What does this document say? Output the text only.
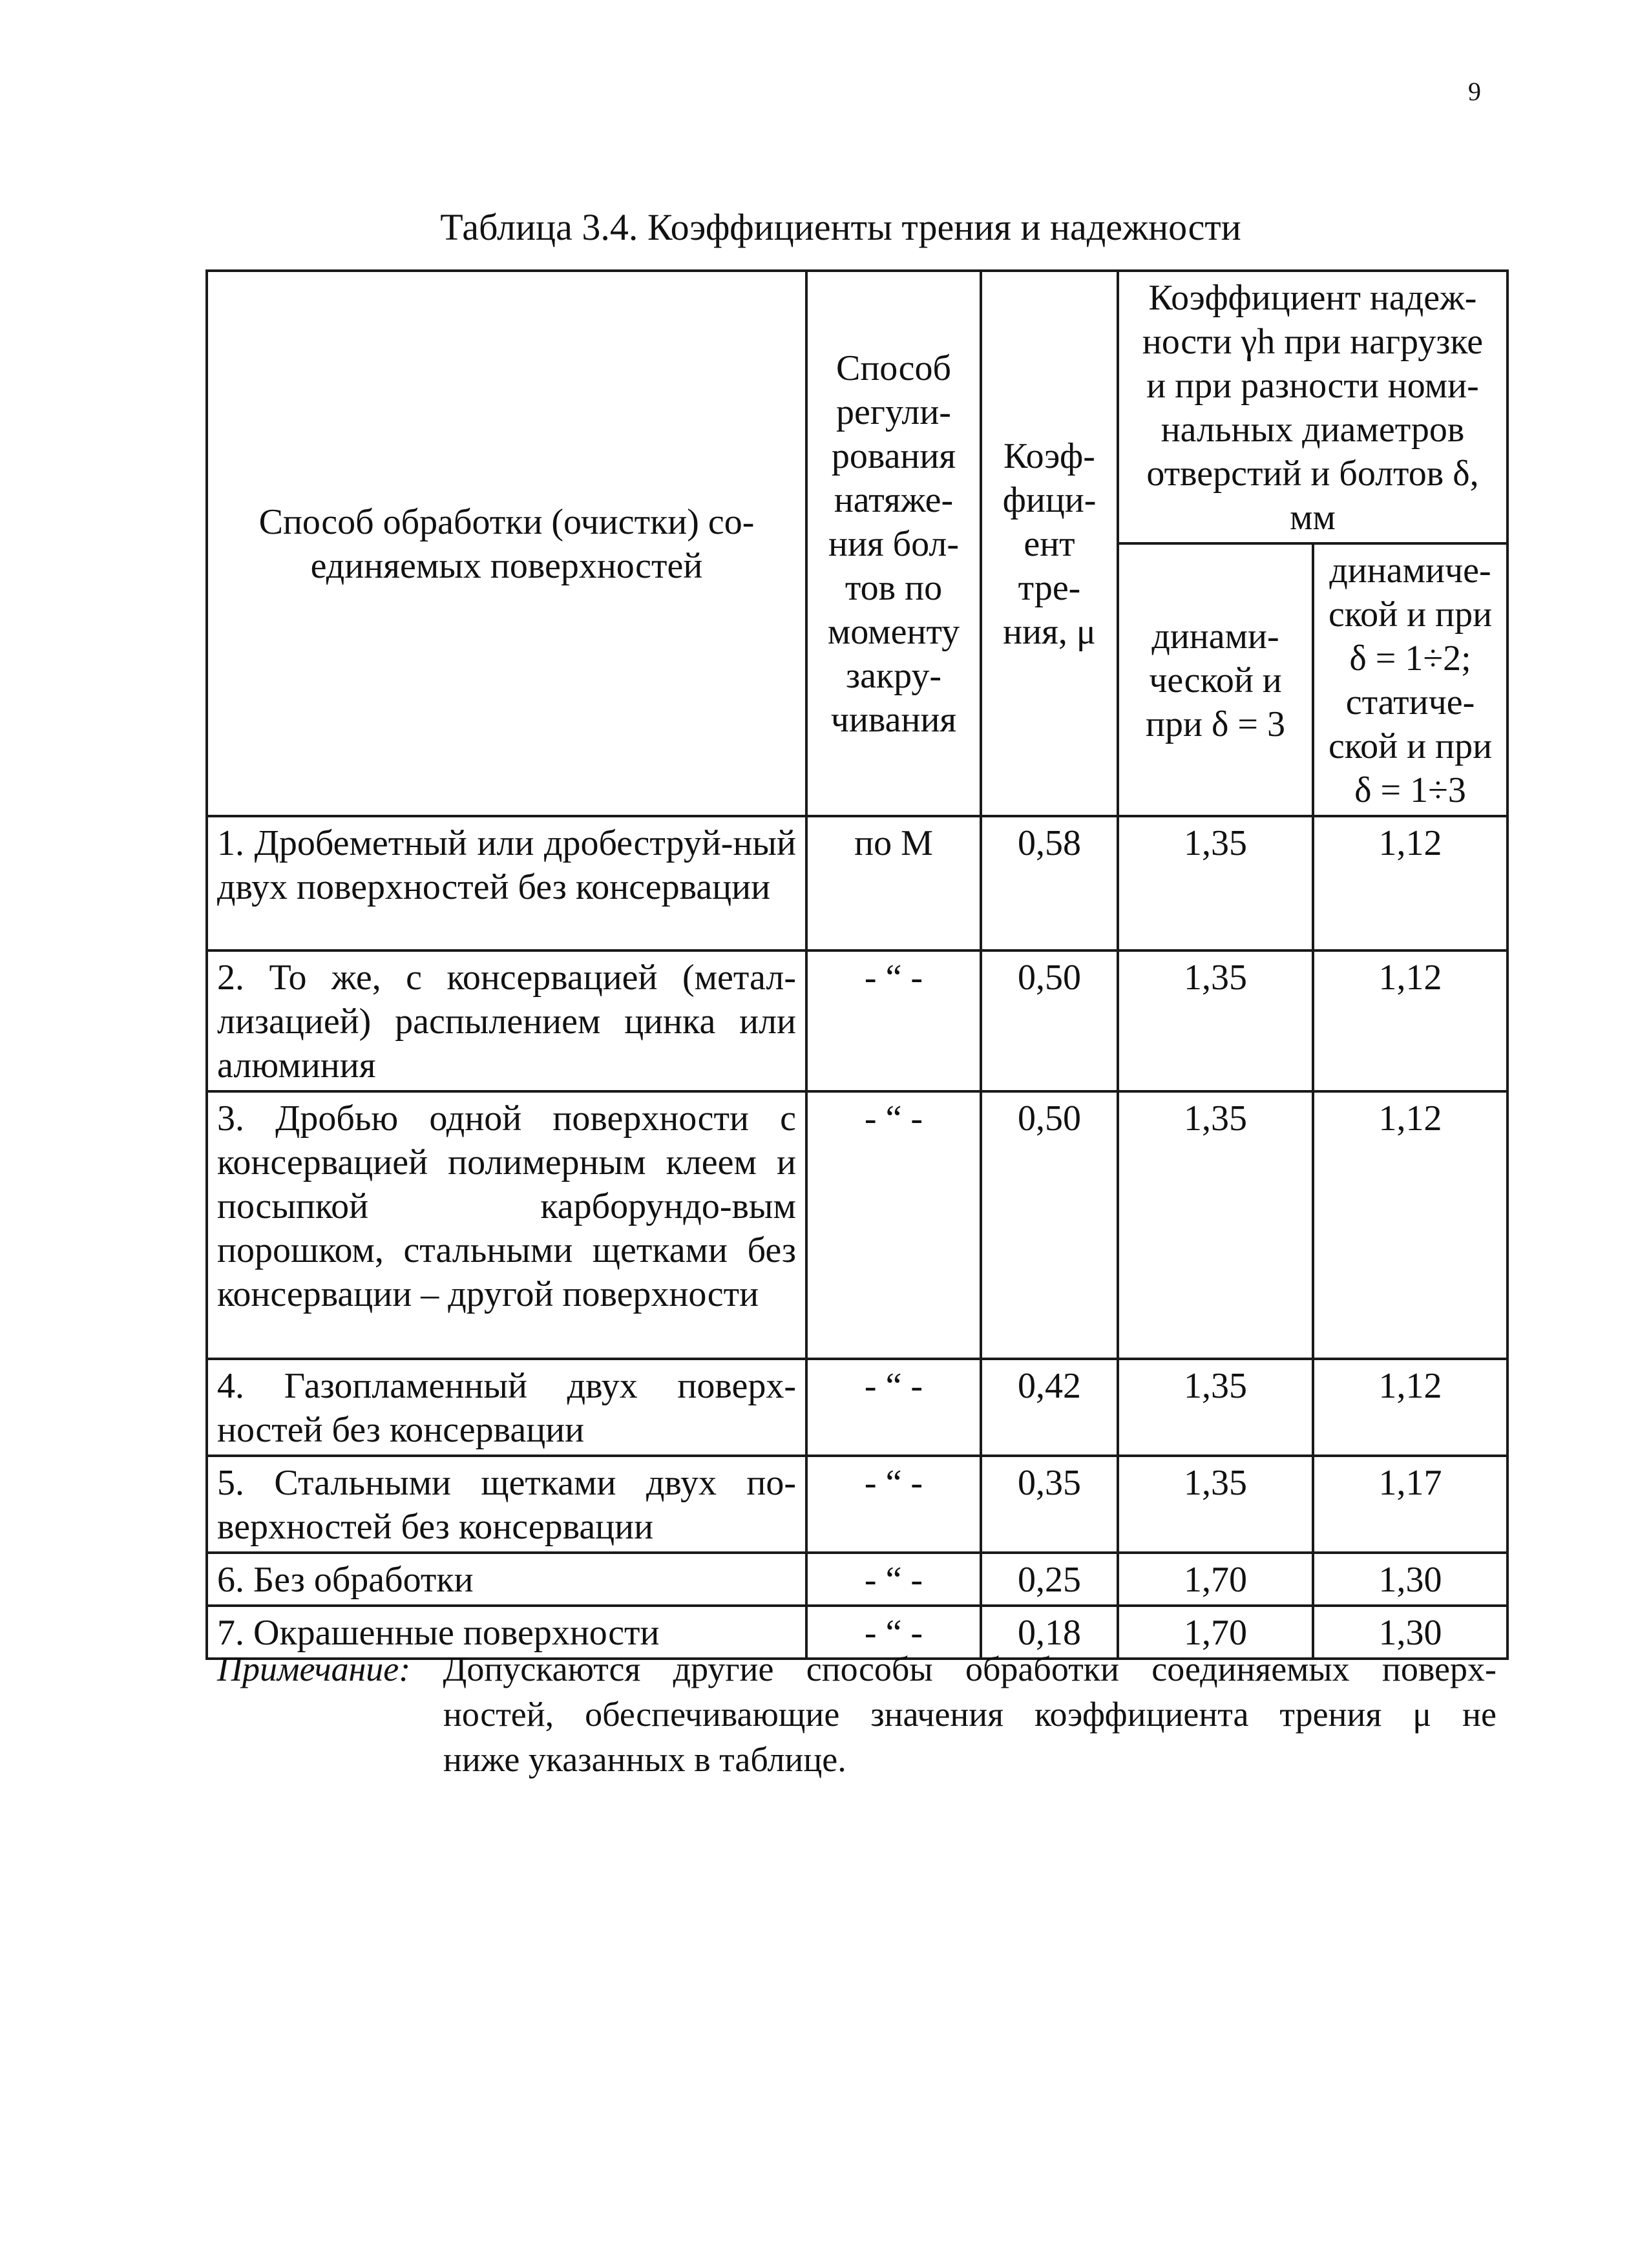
9
Таблица 3.4. Коэффициенты трения и надежности
Способ обработки (очистки) со-единяемых поверхностей	Способ регули-рования натяже-ния бол-тов по моменту закру-чивания	Коэф-фици-ент тре-ния, μ	Коэффициент надеж-ности γh при нагрузке и при разности номи-нальных диаметров отверстий и болтов δ, мм	
			динами-ческой и при δ = 3	динамиче-ской и при δ = 1÷2; статиче-ской и при δ = 1÷3
1. Дробеметный или дробеструй-ный двух поверхностей без консервации	по М	0,58	1,35	1,12
2. То же, с консервацией (метал-лизацией) распылением цинка или алюминия	- “ -	0,50	1,35	1,12
3. Дробью одной поверхности с консервацией полимерным клеем и посыпкой карборундо-вым порошком, стальными щетками без консервации – другой поверхности	- “ -	0,50	1,35	1,12
4. Газопламенный двух поверх-ностей без консервации	- “ -	0,42	1,35	1,12
5. Стальными щетками двух по-верхностей без консервации	- “ -	0,35	1,35	1,17
6. Без обработки	- “ -	0,25	1,70	1,30
7. Окрашенные поверхности	- “ -	0,18	1,70	1,30
Примечание: Допускаются другие способы обработки соединяемых поверх-
ностей, обеспечивающие значения коэффициента трения μ не
ниже указанных в таблице.
